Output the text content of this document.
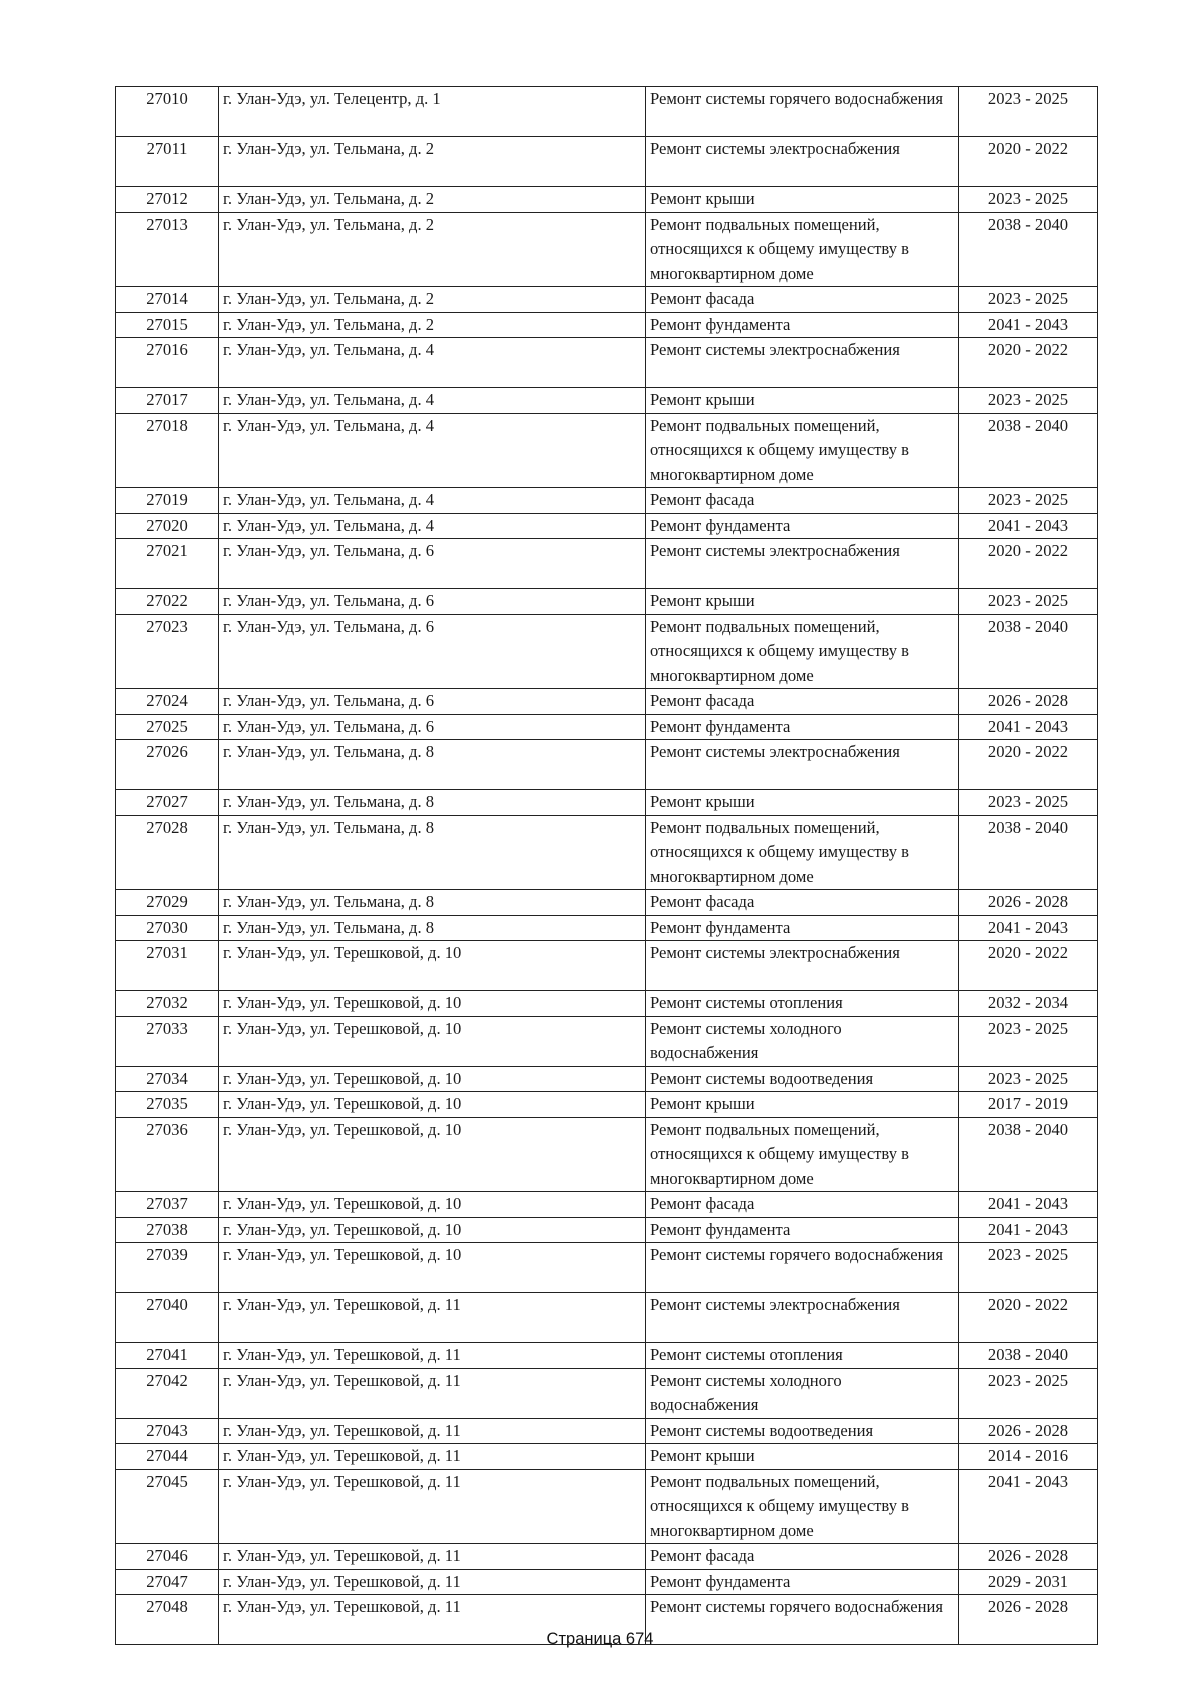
27010	г. Улан-Удэ, ул. Телецентр, д. 1	Ремонт системы горячего водоснабжения	2023 - 2025
27011	г. Улан-Удэ, ул. Тельмана, д. 2	Ремонт системы электроснабжения	2020 - 2022
27012	г. Улан-Удэ, ул. Тельмана, д. 2	Ремонт крыши	2023 - 2025
27013	г. Улан-Удэ, ул. Тельмана, д. 2	Ремонт подвальных помещений, относящихся к общему имуществу в многоквартирном доме	2038 - 2040
27014	г. Улан-Удэ, ул. Тельмана, д. 2	Ремонт фасада	2023 - 2025
27015	г. Улан-Удэ, ул. Тельмана, д. 2	Ремонт фундамента	2041 - 2043
27016	г. Улан-Удэ, ул. Тельмана, д. 4	Ремонт системы электроснабжения	2020 - 2022
27017	г. Улан-Удэ, ул. Тельмана, д. 4	Ремонт крыши	2023 - 2025
27018	г. Улан-Удэ, ул. Тельмана, д. 4	Ремонт подвальных помещений, относящихся к общему имуществу в многоквартирном доме	2038 - 2040
27019	г. Улан-Удэ, ул. Тельмана, д. 4	Ремонт фасада	2023 - 2025
27020	г. Улан-Удэ, ул. Тельмана, д. 4	Ремонт фундамента	2041 - 2043
27021	г. Улан-Удэ, ул. Тельмана, д. 6	Ремонт системы электроснабжения	2020 - 2022
27022	г. Улан-Удэ, ул. Тельмана, д. 6	Ремонт крыши	2023 - 2025
27023	г. Улан-Удэ, ул. Тельмана, д. 6	Ремонт подвальных помещений, относящихся к общему имуществу в многоквартирном доме	2038 - 2040
27024	г. Улан-Удэ, ул. Тельмана, д. 6	Ремонт фасада	2026 - 2028
27025	г. Улан-Удэ, ул. Тельмана, д. 6	Ремонт фундамента	2041 - 2043
27026	г. Улан-Удэ, ул. Тельмана, д. 8	Ремонт системы электроснабжения	2020 - 2022
27027	г. Улан-Удэ, ул. Тельмана, д. 8	Ремонт крыши	2023 - 2025
27028	г. Улан-Удэ, ул. Тельмана, д. 8	Ремонт подвальных помещений, относящихся к общему имуществу в многоквартирном доме	2038 - 2040
27029	г. Улан-Удэ, ул. Тельмана, д. 8	Ремонт фасада	2026 - 2028
27030	г. Улан-Удэ, ул. Тельмана, д. 8	Ремонт фундамента	2041 - 2043
27031	г. Улан-Удэ, ул. Терешковой, д. 10	Ремонт системы электроснабжения	2020 - 2022
27032	г. Улан-Удэ, ул. Терешковой, д. 10	Ремонт системы отопления	2032 - 2034
27033	г. Улан-Удэ, ул. Терешковой, д. 10	Ремонт системы холодного водоснабжения	2023 - 2025
27034	г. Улан-Удэ, ул. Терешковой, д. 10	Ремонт системы водоотведения	2023 - 2025
27035	г. Улан-Удэ, ул. Терешковой, д. 10	Ремонт крыши	2017 - 2019
27036	г. Улан-Удэ, ул. Терешковой, д. 10	Ремонт подвальных помещений, относящихся к общему имуществу в многоквартирном доме	2038 - 2040
27037	г. Улан-Удэ, ул. Терешковой, д. 10	Ремонт фасада	2041 - 2043
27038	г. Улан-Удэ, ул. Терешковой, д. 10	Ремонт фундамента	2041 - 2043
27039	г. Улан-Удэ, ул. Терешковой, д. 10	Ремонт системы горячего водоснабжения	2023 - 2025
27040	г. Улан-Удэ, ул. Терешковой, д. 11	Ремонт системы электроснабжения	2020 - 2022
27041	г. Улан-Удэ, ул. Терешковой, д. 11	Ремонт системы отопления	2038 - 2040
27042	г. Улан-Удэ, ул. Терешковой, д. 11	Ремонт системы холодного водоснабжения	2023 - 2025
27043	г. Улан-Удэ, ул. Терешковой, д. 11	Ремонт системы водоотведения	2026 - 2028
27044	г. Улан-Удэ, ул. Терешковой, д. 11	Ремонт крыши	2014 - 2016
27045	г. Улан-Удэ, ул. Терешковой, д. 11	Ремонт подвальных помещений, относящихся к общему имуществу в многоквартирном доме	2041 - 2043
27046	г. Улан-Удэ, ул. Терешковой, д. 11	Ремонт фасада	2026 - 2028
27047	г. Улан-Удэ, ул. Терешковой, д. 11	Ремонт фундамента	2029 - 2031
27048	г. Улан-Удэ, ул. Терешковой, д. 11	Ремонт системы горячего водоснабжения	2026 - 2028
Страница 674
